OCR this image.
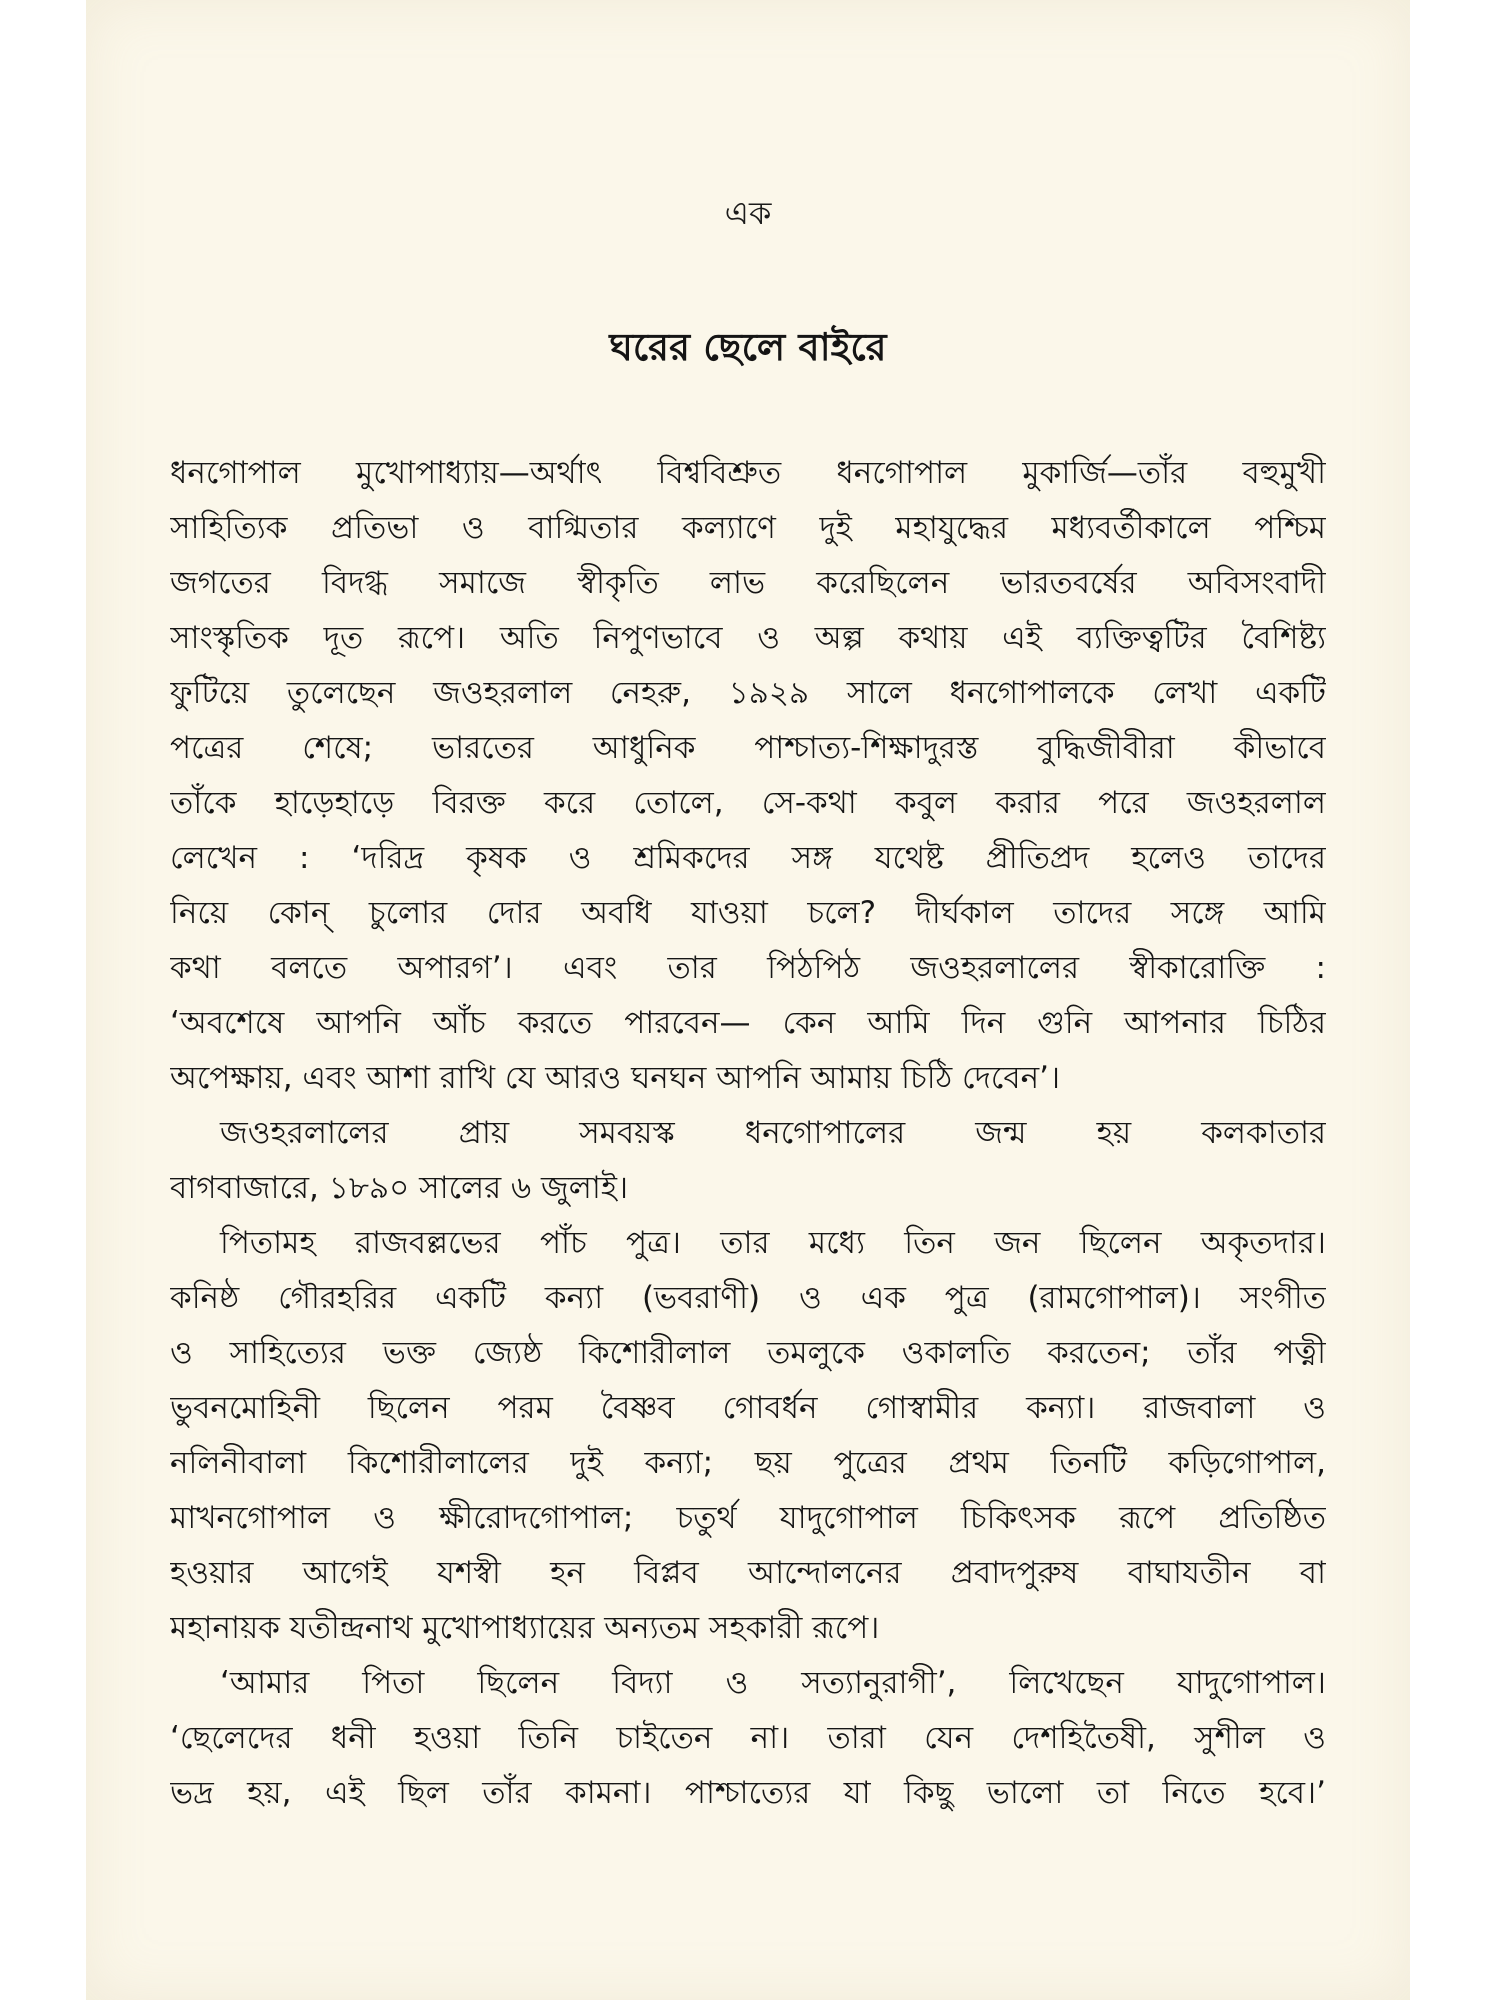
এক
ঘরের ছেলে বাইরে
ধনগোপাল মুখোপাধ্যায়—অর্থাৎ বিশ্ববিশ্রুত ধনগোপাল মুকার্জি—তাঁর বহুমুখী
সাহিত্যিক প্রতিভা ও বাগ্মিতার কল্যাণে দুই মহাযুদ্ধের মধ্যবর্তীকালে পশ্চিম
জগতের বিদগ্ধ সমাজে স্বীকৃতি লাভ করেছিলেন ভারতবর্ষের অবিসংবাদী
সাংস্কৃতিক দূত রূপে। অতি নিপুণভাবে ও অল্প কথায় এই ব্যক্তিত্বটির বৈশিষ্ট্য
ফুটিয়ে তুলেছেন জওহরলাল নেহরু, ১৯২৯ সালে ধনগোপালকে লেখা একটি
পত্রের শেষে; ভারতের আধুনিক পাশ্চাত্য-শিক্ষাদুরস্ত বুদ্ধিজীবীরা কীভাবে
তাঁকে হাড়েহাড়ে বিরক্ত করে তোলে, সে-কথা কবুল করার পরে জওহরলাল
লেখেন : ‘দরিদ্র কৃষক ও শ্রমিকদের সঙ্গ যথেষ্ট প্রীতিপ্রদ হলেও তাদের
নিয়ে কোন্ চুলোর দোর অবধি যাওয়া চলে? দীর্ঘকাল তাদের সঙ্গে আমি
কথা বলতে অপারগ’। এবং তার পিঠপিঠ জওহরলালের স্বীকারোক্তি :
‘অবশেষে আপনি আঁচ করতে পারবেন— কেন আমি দিন গুনি আপনার চিঠির
অপেক্ষায়, এবং আশা রাখি যে আরও ঘনঘন আপনি আমায় চিঠি দেবেন’।
জওহরলালের প্রায় সমবয়স্ক ধনগোপালের জন্ম হয় কলকাতার
বাগবাজারে, ১৮৯০ সালের ৬ জুলাই।
পিতামহ রাজবল্লভের পাঁচ পুত্র। তার মধ্যে তিন জন ছিলেন অকৃতদার।
কনিষ্ঠ গৌরহরির একটি কন্যা (ভবরাণী) ও এক পুত্র (রামগোপাল)। সংগীত
ও সাহিত্যের ভক্ত জ্যেষ্ঠ কিশোরীলাল তমলুকে ওকালতি করতেন; তাঁর পত্নী
ভুবনমোহিনী ছিলেন পরম বৈষ্ণব গোবর্ধন গোস্বামীর কন্যা। রাজবালা ও
নলিনীবালা কিশোরীলালের দুই কন্যা; ছয় পুত্রের প্রথম তিনটি কড়িগোপাল,
মাখনগোপাল ও ক্ষীরোদগোপাল; চতুর্থ যাদুগোপাল চিকিৎসক রূপে প্রতিষ্ঠিত
হওয়ার আগেই যশস্বী হন বিপ্লব আন্দোলনের প্রবাদপুরুষ বাঘাযতীন বা
মহানায়ক যতীন্দ্রনাথ মুখোপাধ্যায়ের অন্যতম সহকারী রূপে।
‘আমার পিতা ছিলেন বিদ্যা ও সত্যানুরাগী’, লিখেছেন যাদুগোপাল।
‘ছেলেদের ধনী হওয়া তিনি চাইতেন না। তারা যেন দেশহিতৈষী, সুশীল ও
ভদ্র হয়, এই ছিল তাঁর কামনা। পাশ্চাত্যের যা কিছু ভালো তা নিতে হবে।’
